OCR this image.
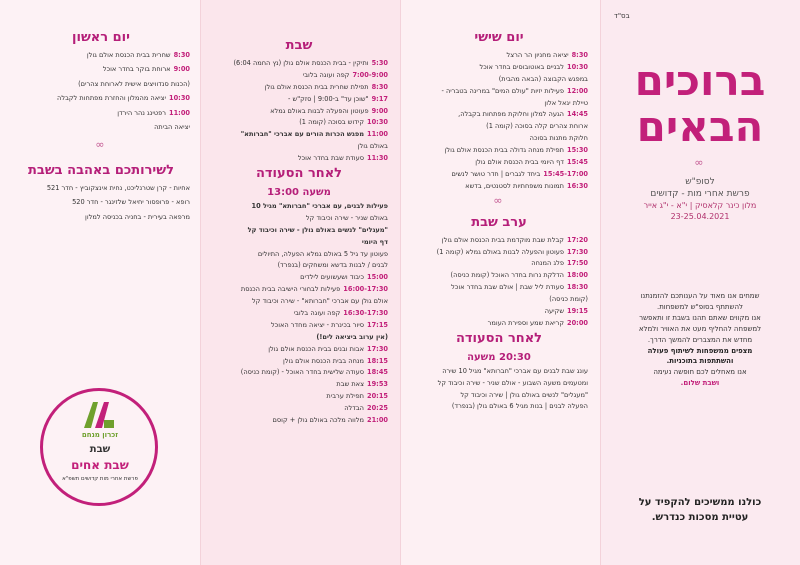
בס"ד
ברוכים
הבאים
∞
לסופ"ש
פרשת אחרי מות - קדושים
מלון כינר קלאסיק | י"א - י"ג אייר
23-25.04.2021
שמחים אנו מאוד על הענותכם להזמנתנו
להשתתף בסופ"ש למשפחות.
אנו מקווים שאתם תהנו בשבת זו ותאפשר
למשפחה להחליף מעט את האוויר ולמלא
מחדש את המצברים להמשך הדרך.
מצפים ממשפחות לשיתוף פעולה
והשתתפות בתוכניות.
אנו מאחלים לכם חופשה נעימה
ושבת שלום.
כולנו ממשיכים להקפיד על
עטיית מסכות כנדרש.
יום שישי
8:30יציאה מחניון הר הרצל
10:30לבניים באוטובוסים בחדר אוכל
במפגש הקבוצה (הבאה מהבית)
12:00פעילות יזיות "עולם המים" במרינה בטבריה -
טיילת יגאל אלון
14:45הגעה למלון וחלוקת מפתחות בקבלה,
ארוחת צהרים קלה בסוכה (קומה 1)
חלוקת מתנות בסוכה
15:30תפילת מנחה גדולה בבית הכנסת אולם גולן
15:45דף היומי בבית הכנסת אולם גולן
15:45-17:00ביחד לגברים | חדר טושר לנשים
16:30תמונות משפחתיות לסטנטים, בדשא
∞
ערב שבת
17:20קבלת שבת מוקדמת בבית הכנסת אולם גולן
17:30פעוטון והפעלה לבנות באולם גמלא (קומה 1)
17:50פלג המנחה
18:00הדלקת נרות בחדר האוכל (קומת כניסה)
18:30סעודת ליל שבת | אולם שבת בחדר אוכל
(קומת כניסה)
19:15שקיעה
20:00קריאת שמע וספירת העומר
לאחר הסעודה
20:30 משעה
עונג שבת לבנים עם אברכי "חברותא" מגיל 10 שירה
ומטעמים משעה השבוע - אולם שניר - שירה וכיבוד קל
"מעגלים" לנשים באולם גולן | שירה וכיבוד קל
הפעלה לבנים | בנות מגיל 6 באולם גולן (בנפרד)
שבת
5:30ותיקין - בבית הכנסת אולם גולן (נץ החמה 6:04)
7:00-9:00קפה ועוגה בלובי
8:30תפילת שחרית בבית הכנסת אולם גולן
9:17"שוכן עד" ב-9:00 | סזק"ש -
9:00פעוטון והפעלה לבנות באולם גמלא
10:30קידוש בסוכה (קומה 1)
11:00מפגש הכרות הורים עם אברכי "חברותא"
באולם גולן
11:30סעודת שבת בחדר אוכל
לאחר הסעודה
משעה 13:00
פעילות לבנים, עם אברכי "חברותא" מגיל 10
באולם שניר - שירה וכיבוד קל
"מעגלים" לנשים באולם גולן - שירה וכיבוד קל
דף היומי
פעוטון עד גיל 5 באולם גמלא הפעלה, התיולים
לבנים / לבנות בדשא ומשחקים (בנפרד)
15:00כיבוד ושעשועים לילדים
16:00-17:30פעילות לבחורי הישיבה בבית הכנסת
אולם גולן עם אברכי "חברותא" - שירה וכיבוד קל
16:30-17:30קפה ועוגה בלובי
17:15סיור בכינרת - יציאה מחדר האוכל
(אין ערוב ביציאה לים!)
17:30אבות ובנים בבית הכנסת אולם גולן
18:15מנחה בבית הכנסת אולם גולן
18:45סעודה שלישית בחדר האוכל - (קומת כניסה)
19:53צאת שבת
20:15תפילת ערבית
20:25הבדלה
21:00מלווה מלכה באולם גולן + קוסם
יום ראשון
8:30שחרית בבית הכנסת אולם גולן
9:00ארוחת בוקר בחדר אוכל
(הכנות סנדוויצים אישית לארוחת צהרים)
10:30יציאה מהמלון והחזרת מפתחות לקבלה
11:00רפטינג נהר הירדן
יציאה הביתה
∞
לשירותכם באהבה בשבת
אחיות - קרן שטרנליכט, נחית אינצקוביץ - חדר 521
רופא - פרופסור יחיאל שלזינגר - חדר 520
מרפאה בעירית - בחניה בכניסה למלון
זכרון מנחם
שבת
שבת אחים
פרשת אחרי מות קדושים תשפ"א
